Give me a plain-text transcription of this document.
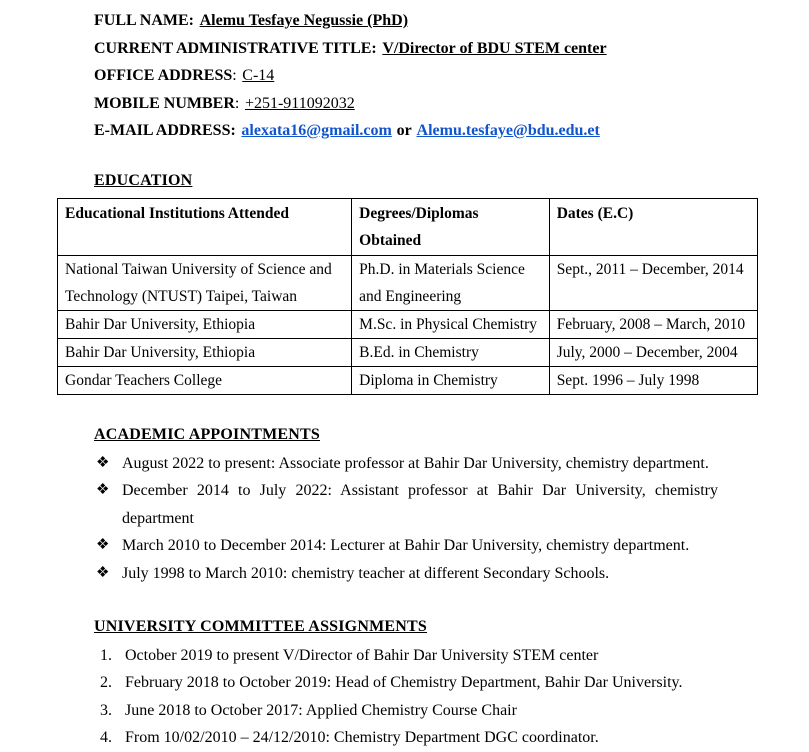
FULL NAME: Alemu Tesfaye Negussie (PhD)
CURRENT ADMINISTRATIVE TITLE: V/Director of BDU STEM center
OFFICE ADDRESS: C-14
MOBILE NUMBER: +251-911092032
E-MAIL ADDRESS: alexata16@gmail.com or Alemu.tesfaye@bdu.edu.et
EDUCATION
Educational Institutions Attended	Degrees/Diplomas Obtained	Dates (E.C)
National Taiwan University of Science and Technology (NTUST) Taipei, Taiwan	Ph.D. in Materials Science and Engineering	Sept., 2011 – December, 2014
Bahir Dar University, Ethiopia	M.Sc. in Physical Chemistry	February, 2008 – March, 2010
Bahir Dar University, Ethiopia	B.Ed. in Chemistry	July, 2000 – December, 2004
Gondar Teachers College	Diploma in Chemistry	Sept. 1996 – July 1998
ACADEMIC APPOINTMENTS
❖ August 2022 to present: Associate professor at Bahir Dar University, chemistry department.
❖ December 2014 to July 2022: Assistant professor at Bahir Dar University, chemistry department
❖ March 2010 to December 2014: Lecturer at Bahir Dar University, chemistry department.
❖ July 1998 to March 2010: chemistry teacher at different Secondary Schools.
UNIVERSITY COMMITTEE ASSIGNMENTS
1. October 2019 to present V/Director of Bahir Dar University STEM center
2. February 2018 to October 2019: Head of Chemistry Department, Bahir Dar University.
3. June 2018 to October 2017: Applied Chemistry Course Chair
4. From 10/02/2010 – 24/12/2010: Chemistry Department DGC coordinator.
